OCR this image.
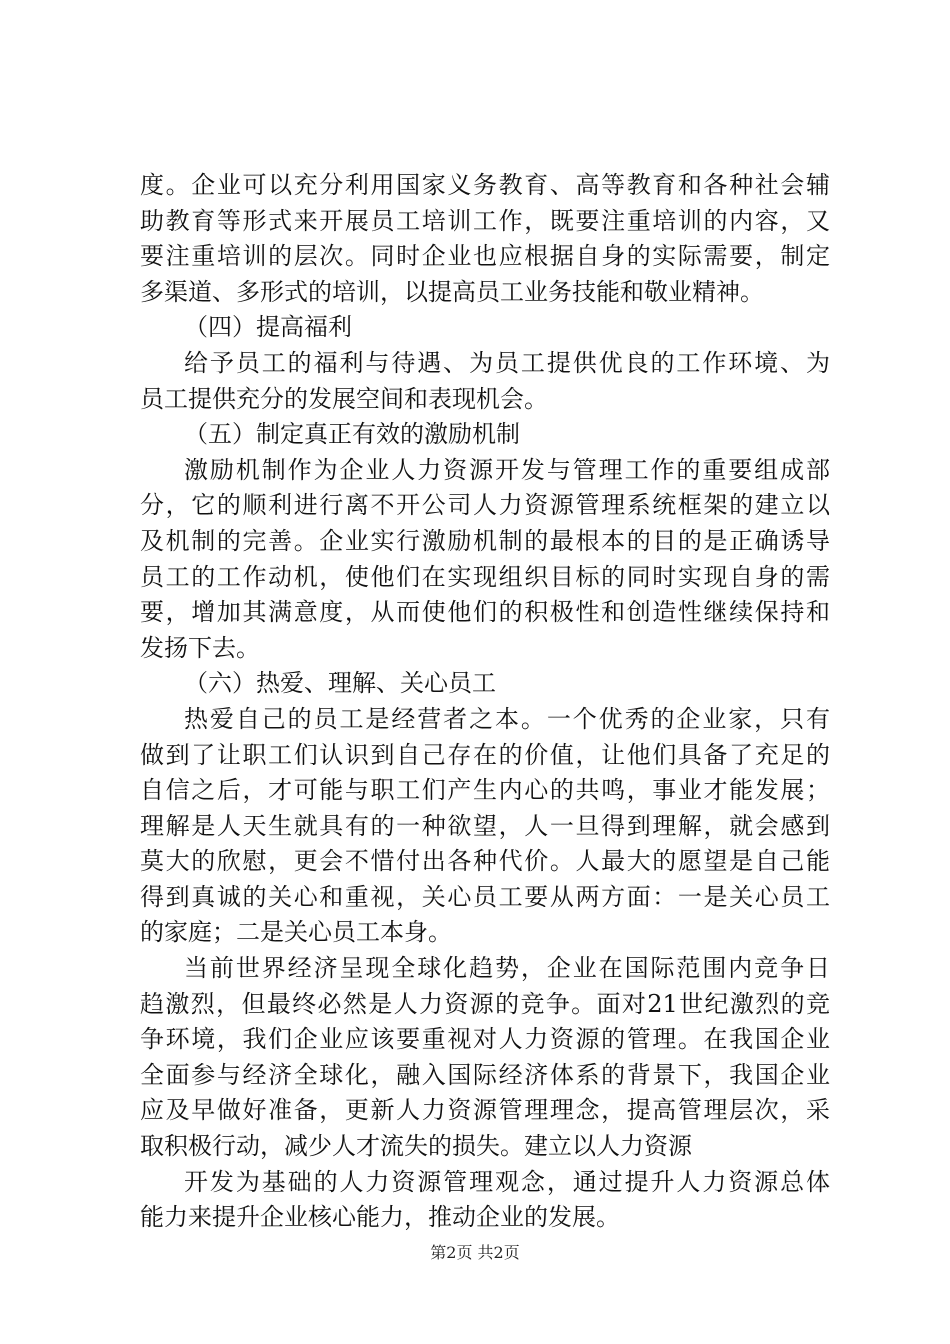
度。企业可以充分利用国家义务教育、高等教育和各种社会辅
助教育等形式来开展员工培训工作，既要注重培训的内容，又
要注重培训的层次。同时企业也应根据自身的实际需要，制定
多渠道、多形式的培训，以提高员工业务技能和敬业精神。
（四）提高福利
给予员工的福利与待遇、为员工提供优良的工作环境、为
员工提供充分的发展空间和表现机会。
（五）制定真正有效的激励机制
激励机制作为企业人力资源开发与管理工作的重要组成部
分，它的顺利进行离不开公司人力资源管理系统框架的建立以
及机制的完善。企业实行激励机制的最根本的目的是正确诱导
员工的工作动机，使他们在实现组织目标的同时实现自身的需
要，增加其满意度，从而使他们的积极性和创造性继续保持和
发扬下去。
（六）热爱、理解、关心员工
热爱自己的员工是经营者之本。一个优秀的企业家，只有
做到了让职工们认识到自己存在的价值，让他们具备了充足的
自信之后，才可能与职工们产生内心的共鸣，事业才能发展；
理解是人天生就具有的一种欲望，人一旦得到理解，就会感到
莫大的欣慰，更会不惜付出各种代价。人最大的愿望是自己能
得到真诚的关心和重视，关心员工要从两方面：一是关心员工
的家庭；二是关心员工本身。
当前世界经济呈现全球化趋势，企业在国际范围内竞争日
趋激烈，但最终必然是人力资源的竞争。面对21世纪激烈的竞
争环境，我们企业应该要重视对人力资源的管理。在我国企业
全面参与经济全球化，融入国际经济体系的背景下，我国企业
应及早做好准备，更新人力资源管理理念，提高管理层次，采
取积极行动，减少人才流失的损失。建立以人力资源
开发为基础的人力资源管理观念，通过提升人力资源总体
能力来提升企业核心能力，推动企业的发展。
第2页 共2页
